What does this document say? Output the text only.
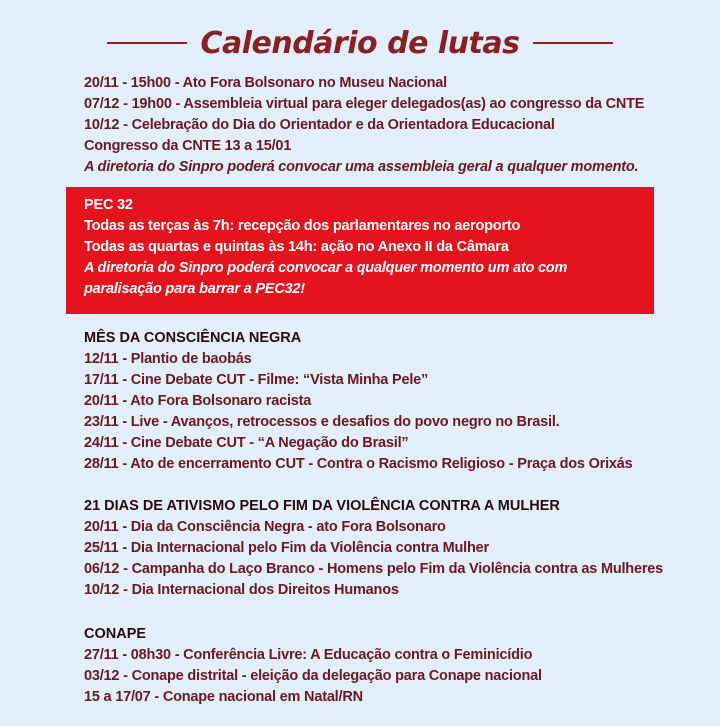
Calendário de lutas
20/11 - 15h00 - Ato Fora Bolsonaro no Museu Nacional
07/12 - 19h00 - Assembleia virtual para eleger delegados(as) ao congresso da CNTE
10/12 - Celebração do Dia do Orientador e da Orientadora Educacional
Congresso da CNTE 13 a 15/01
A diretoria do Sinpro poderá convocar uma assembleia geral a qualquer momento.
PEC 32
Todas as terças às 7h: recepção dos parlamentares no aeroporto
Todas as quartas e quintas às 14h: ação no Anexo II da Câmara
A diretoria do Sinpro poderá convocar a qualquer momento um ato com paralisação para barrar a PEC32!
MÊS DA CONSCIÊNCIA NEGRA
12/11 - Plantio de baobás
17/11 - Cine Debate CUT - Filme: “Vista Minha Pele”
20/11 - Ato Fora Bolsonaro racista
23/11 - Live - Avanços, retrocessos e desafios do povo negro no Brasil.
24/11 - Cine Debate CUT - “A Negação do Brasil”
28/11 - Ato de encerramento CUT - Contra o Racismo Religioso - Praça dos Orixás
21 DIAS DE ATIVISMO PELO FIM DA VIOLÊNCIA CONTRA A MULHER
20/11 - Dia da Consciência Negra - ato Fora Bolsonaro
25/11 - Dia Internacional pelo Fim da Violência contra Mulher
06/12 - Campanha do Laço Branco - Homens pelo Fim da Violência contra as Mulheres
10/12 - Dia Internacional dos Direitos Humanos
CONAPE
27/11 - 08h30 - Conferência Livre: A Educação contra o Feminicídio
03/12 - Conape distrital - eleição da delegação para Conape nacional
15 a 17/07 - Conape nacional em Natal/RN
